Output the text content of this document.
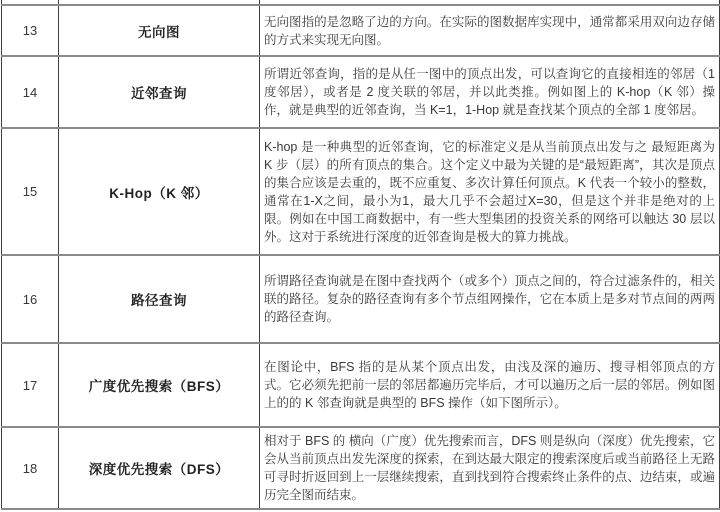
13	无向图	无向图指的是忽略了边的方向。在实际的图数据库实现中，通常都采用双向边存储的方式来实现无向图。
14	近邻查询	所谓近邻查询，指的是从任一图中的顶点出发，可以查询它的直接相连的邻居（1度邻居），或者是 2 度关联的邻居，并以此类推。例如图上的 K-hop（K 邻）操作，就是典型的近邻查询，当 K=1，1-Hop 就是查找某个顶点的全部 1 度邻居。
15	K-Hop（K 邻）	K-hop 是一种典型的近邻查询，它的标准定义是从当前顶点出发与之 最短距离为 K 步（层）的所有顶点的集合。这个定义中最为关键的是“最短距离”，其次是顶点的集合应该是去重的，既不应重复、多次计算任何顶点。K 代表一个较小的整数，通常在1-X之间，最小为1，最大几乎不会超过X=30，但是这个并非是绝对的上限。例如在中国工商数据中，有一些大型集团的投资关系的网络可以触达 30 层以外。这对于系统进行深度的近邻查询是极大的算力挑战。
16	路径查询	所谓路径查询就是在图中查找两个（或多个）顶点之间的，符合过滤条件的，相关联的路径。复杂的路径查询有多个节点组网操作，它在本质上是多对节点间的两两的路径查询。
17	广度优先搜索（BFS）	在图论中，BFS 指的是从某个顶点出发，由浅及深的遍历、搜寻相邻顶点的方式。它必须先把前一层的邻居都遍历完毕后，才可以遍历之后一层的邻居。例如图上的的 K 邻查询就是典型的 BFS 操作（如下图所示）。
18	深度优先搜索（DFS）	相对于 BFS 的 横向（广度）优先搜索而言，DFS 则是纵向（深度）优先搜索，它会从当前顶点出发先深度的探索，在到达最大限定的搜索深度后或当前路径上无路可寻时折返回到上一层继续搜索，直到找到符合搜索终止条件的点、边结束，或遍历完全图而结束。
